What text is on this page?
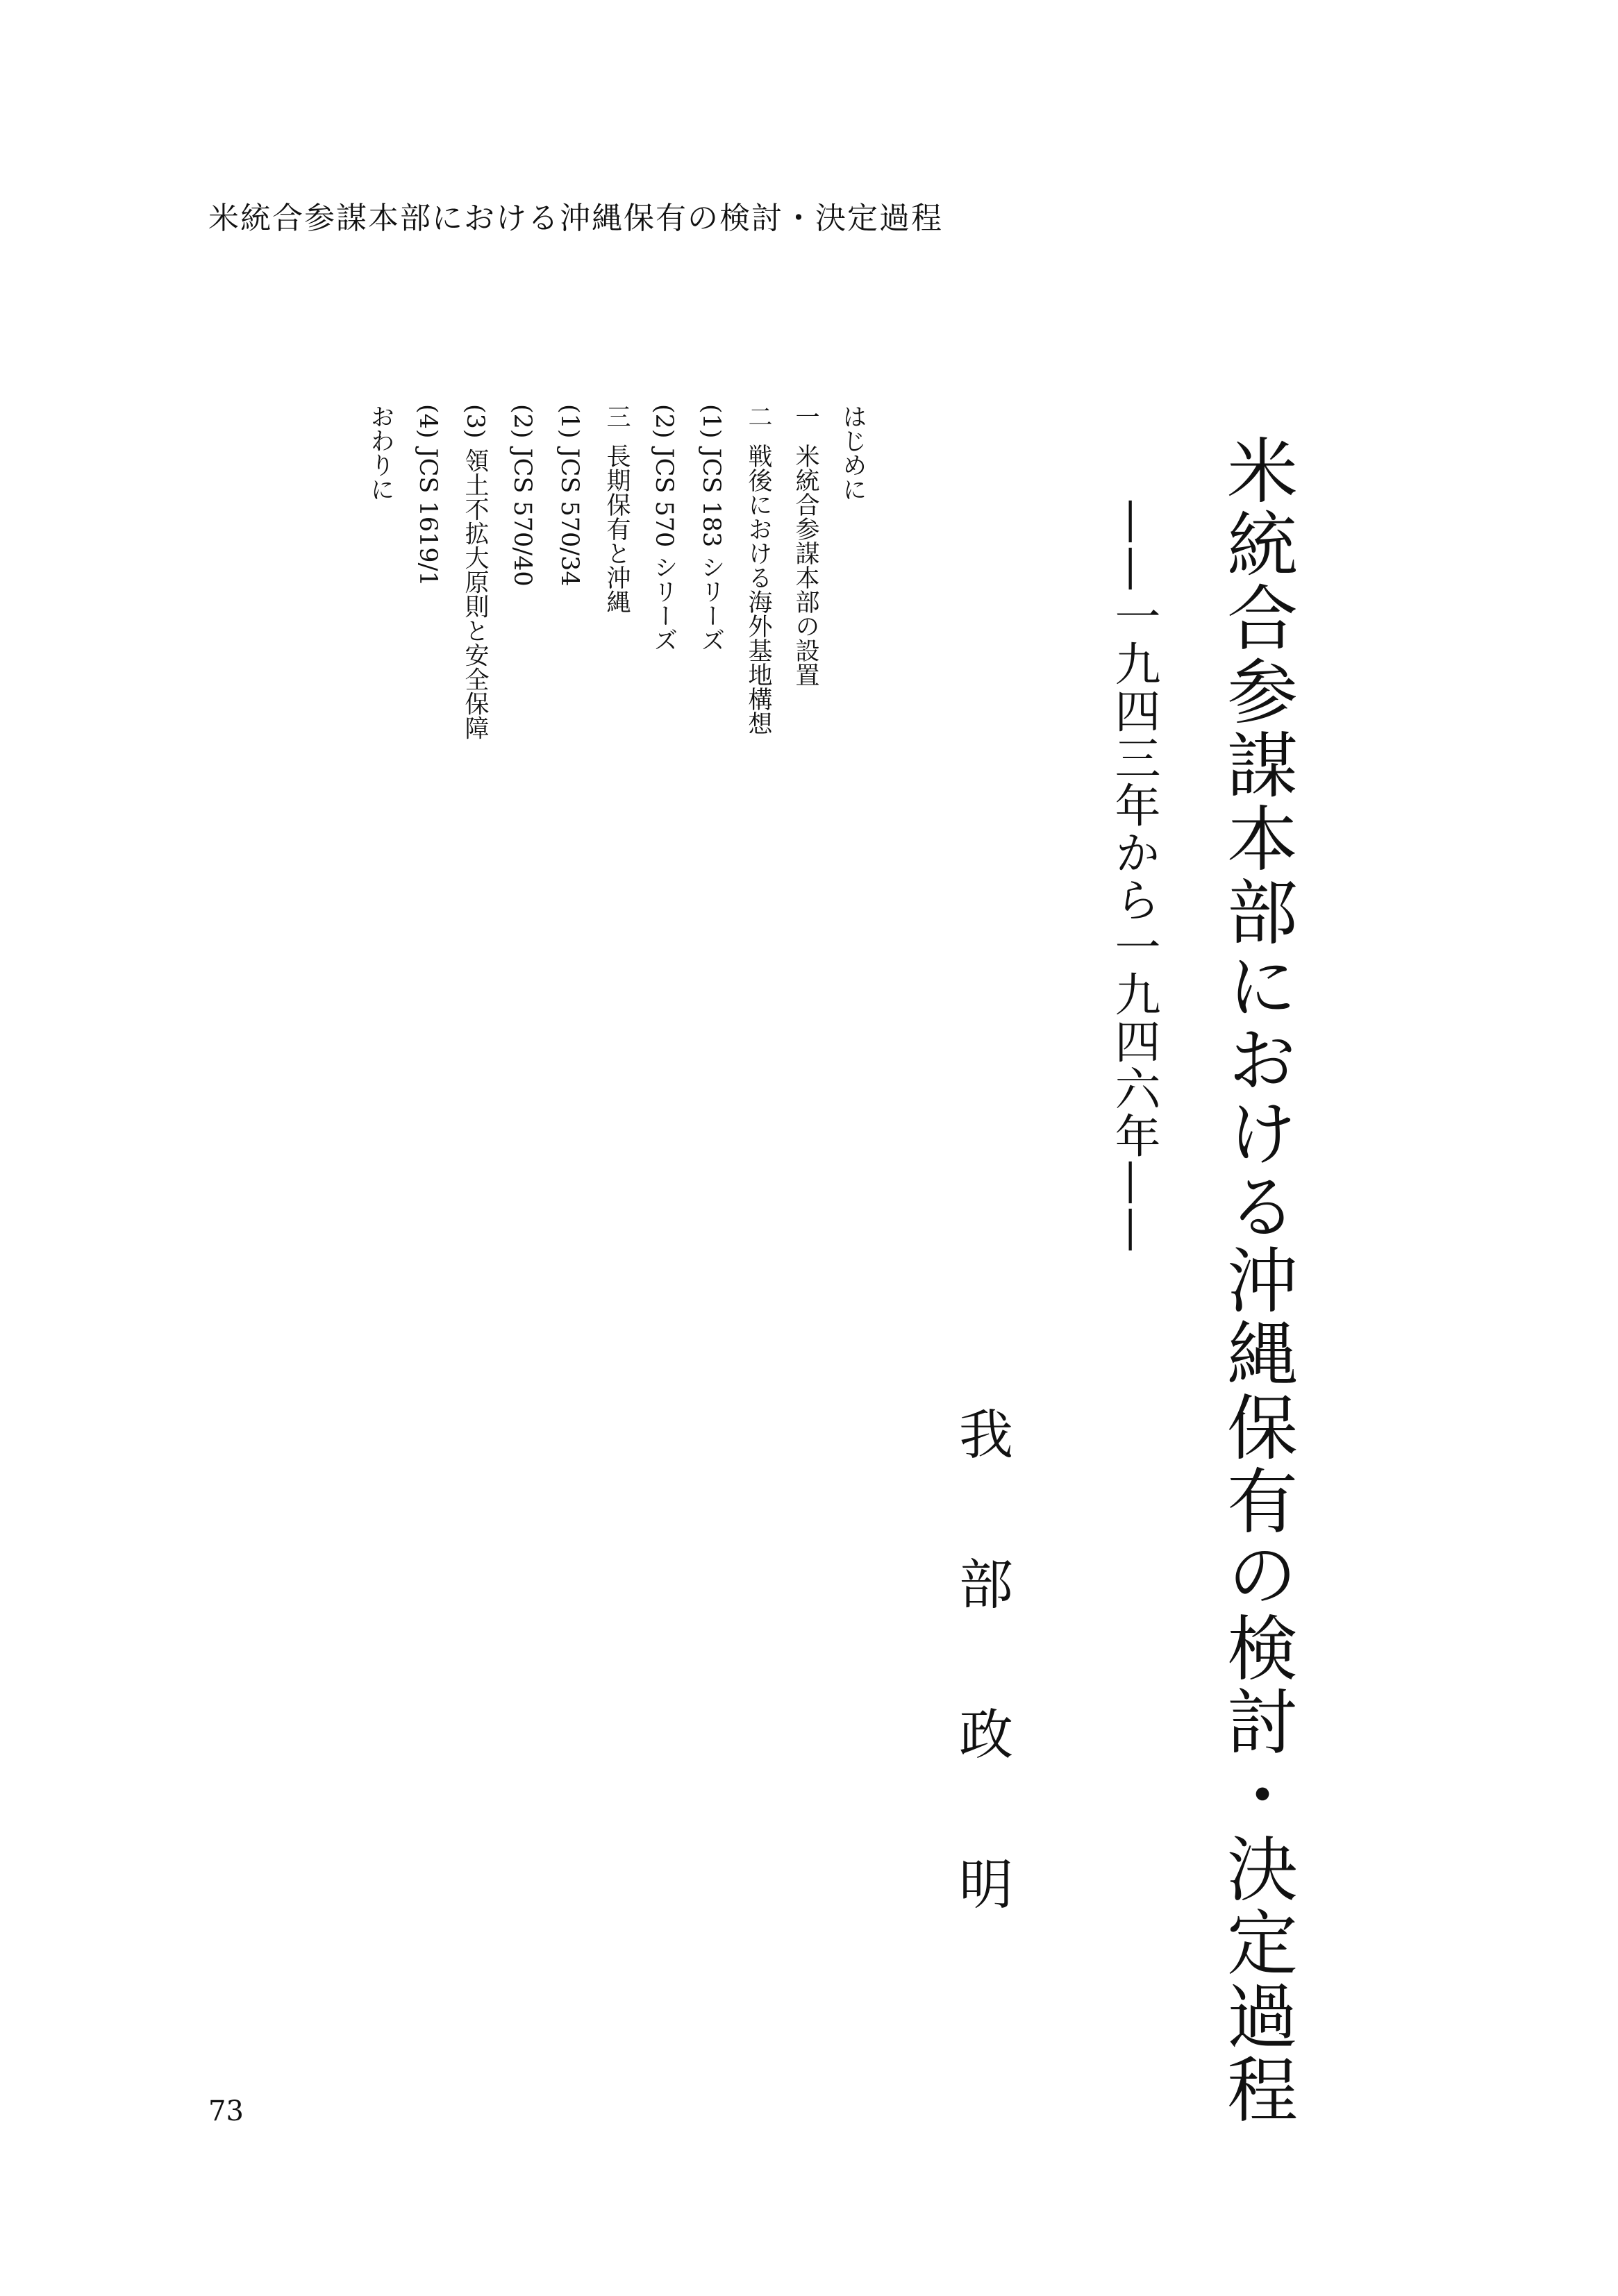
米統合参謀本部における沖縄保有の検討・決定過程
米統合参謀本部における沖縄保有の検討・決定過程
——一九四三年から一九四六年——
我部政明
はじめに
一米統合参謀本部の設置
二戦後における海外基地構想
(1)JCS 183 シリーズ
(2)JCS 570 シリーズ
三長期保有と沖縄
(1)JCS 570/34
(2)JCS 570/40
(3)領土不拡大原則と安全保障
(4)JCS 1619/1
おわりに
73
